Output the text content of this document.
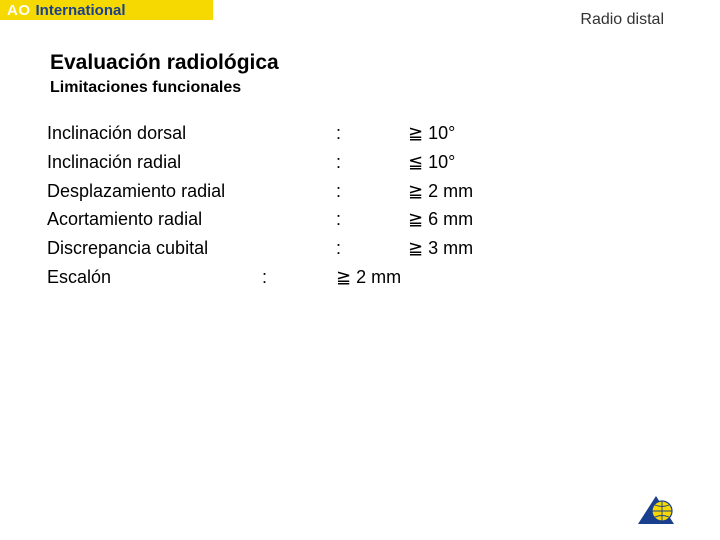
AO International
Radio distal
Evaluación radiológica
Limitaciones funcionales
Inclinación dorsal	:	≧ 10°
Inclinación radial	:	≦ 10°
Desplazamiento radial	:	≧ 2 mm
Acortamiento radial	:	≧ 6 mm
Discrepancia cubital	:	≧ 3 mm
Escalón	:	≧ 2 mm
